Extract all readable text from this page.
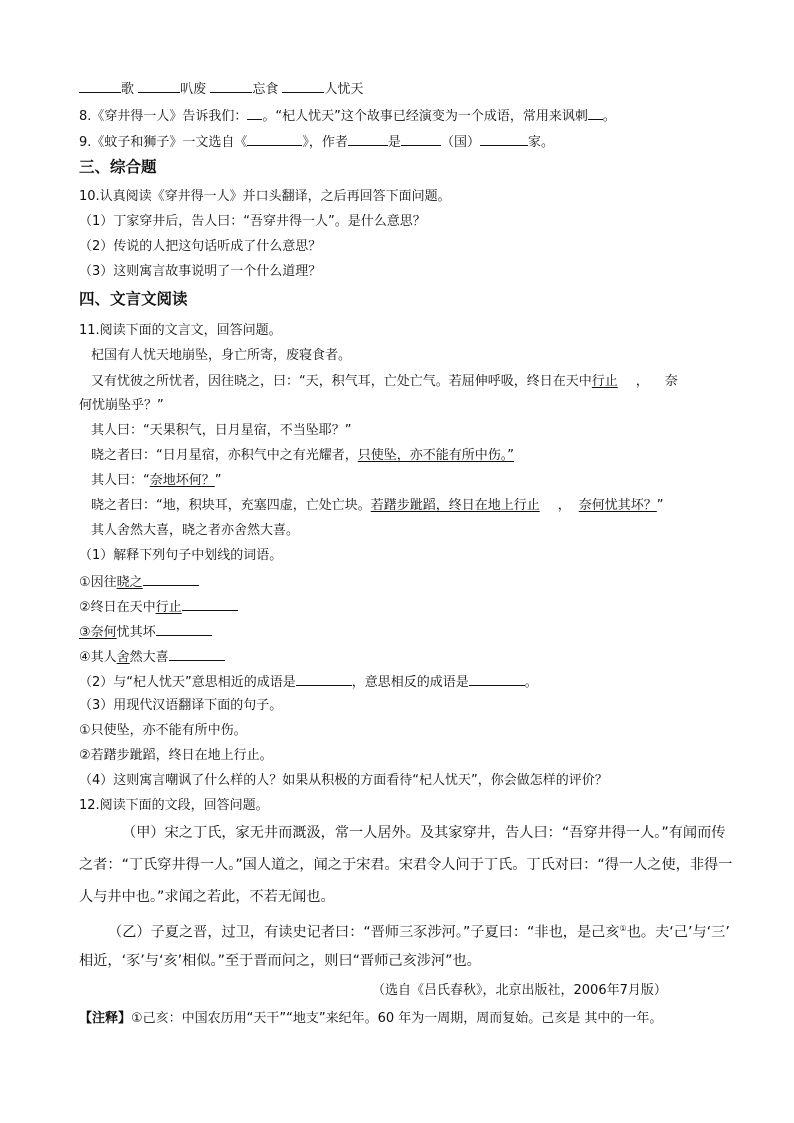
歌	叭废	忘食	人忧天
8.《穿井得一人》告诉我们： 。“杞人忧天”这个故事已经演变为一个成语，常用来讽刺 。
9.《蚊子和狮子》一文选自《	》，作者	是	（国）	家。
三、综合题
10.认真阅读《穿井得一人》并口头翻译，之后再回答下面问题。
（1）丁家穿井后，告人曰：“吾穿井得一人”。是什么意思？
（2）传说的人把这句话听成了什么意思？
（3）这则寓言故事说明了一个什么道理？
四、文言文阅读
11.阅读下面的文言文，回答问题。
杞国有人忧天地崩坠，身亡所寄，废寝食者。
又有忧彼之所忧者，因往晓之，曰：“天，积气耳，亡处亡气。若屈伸呼吸，终日在天中行止 ， 奈
何忧崩坠乎？”
其人曰：“天果积气，日月星宿，不当坠耶？”
晓之者曰：“日月星宿，亦积气中之有光耀者，只使坠，亦不能有所中伤。”
其人曰：“奈地坏何？”
晓之者曰：“地，积块耳，充塞四虚，亡处亡块。若躇步跐蹈，终日在地上行止 ， 奈何忧其坏？”
其人舍然大喜，晓之者亦舍然大喜。
（1）解释下列句子中划线的词语。
①因往晓之
②终日在天中行止
③奈何忧其坏
④其人舍然大喜
（2）与“杞人忧天”意思相近的成语是	，意思相反的成语是	。
（3）用现代汉语翻译下面的句子。
①只使坠，亦不能有所中伤。
②若躇步跐蹈，终日在地上行止。
（4）这则寓言嘲讽了什么样的人？如果从积极的方面看待“杞人忧天”，你会做怎样的评价？
12.阅读下面的文段，回答问题。
（甲）宋之丁氏，家无井而溉汲，常一人居外。及其家穿井，告人曰：“吾穿井得一人。”有闻而传
之者：“丁氏穿井得一人。”国人道之，闻之于宋君。宋君令人问于丁氏。丁氏对曰：“得一人之使，非得一
人与井中也。”求闻之若此，不若无闻也。
（乙）子夏之晋，过卫，有读史记者曰：“晋师三豕涉河。”子夏曰：“非也，是己亥①也。夫‘己’与‘三’
相近，‘豕’与‘亥’相似。”至于晋而问之，则曰“晋师己亥涉河”也。
（选自《吕氏春秋》，北京出版社，2006年7月版）
【注释】①己亥：中国农历用“天干”“地支”来纪年。60 年为一周期，周而复始。己亥是 其中的一年。
